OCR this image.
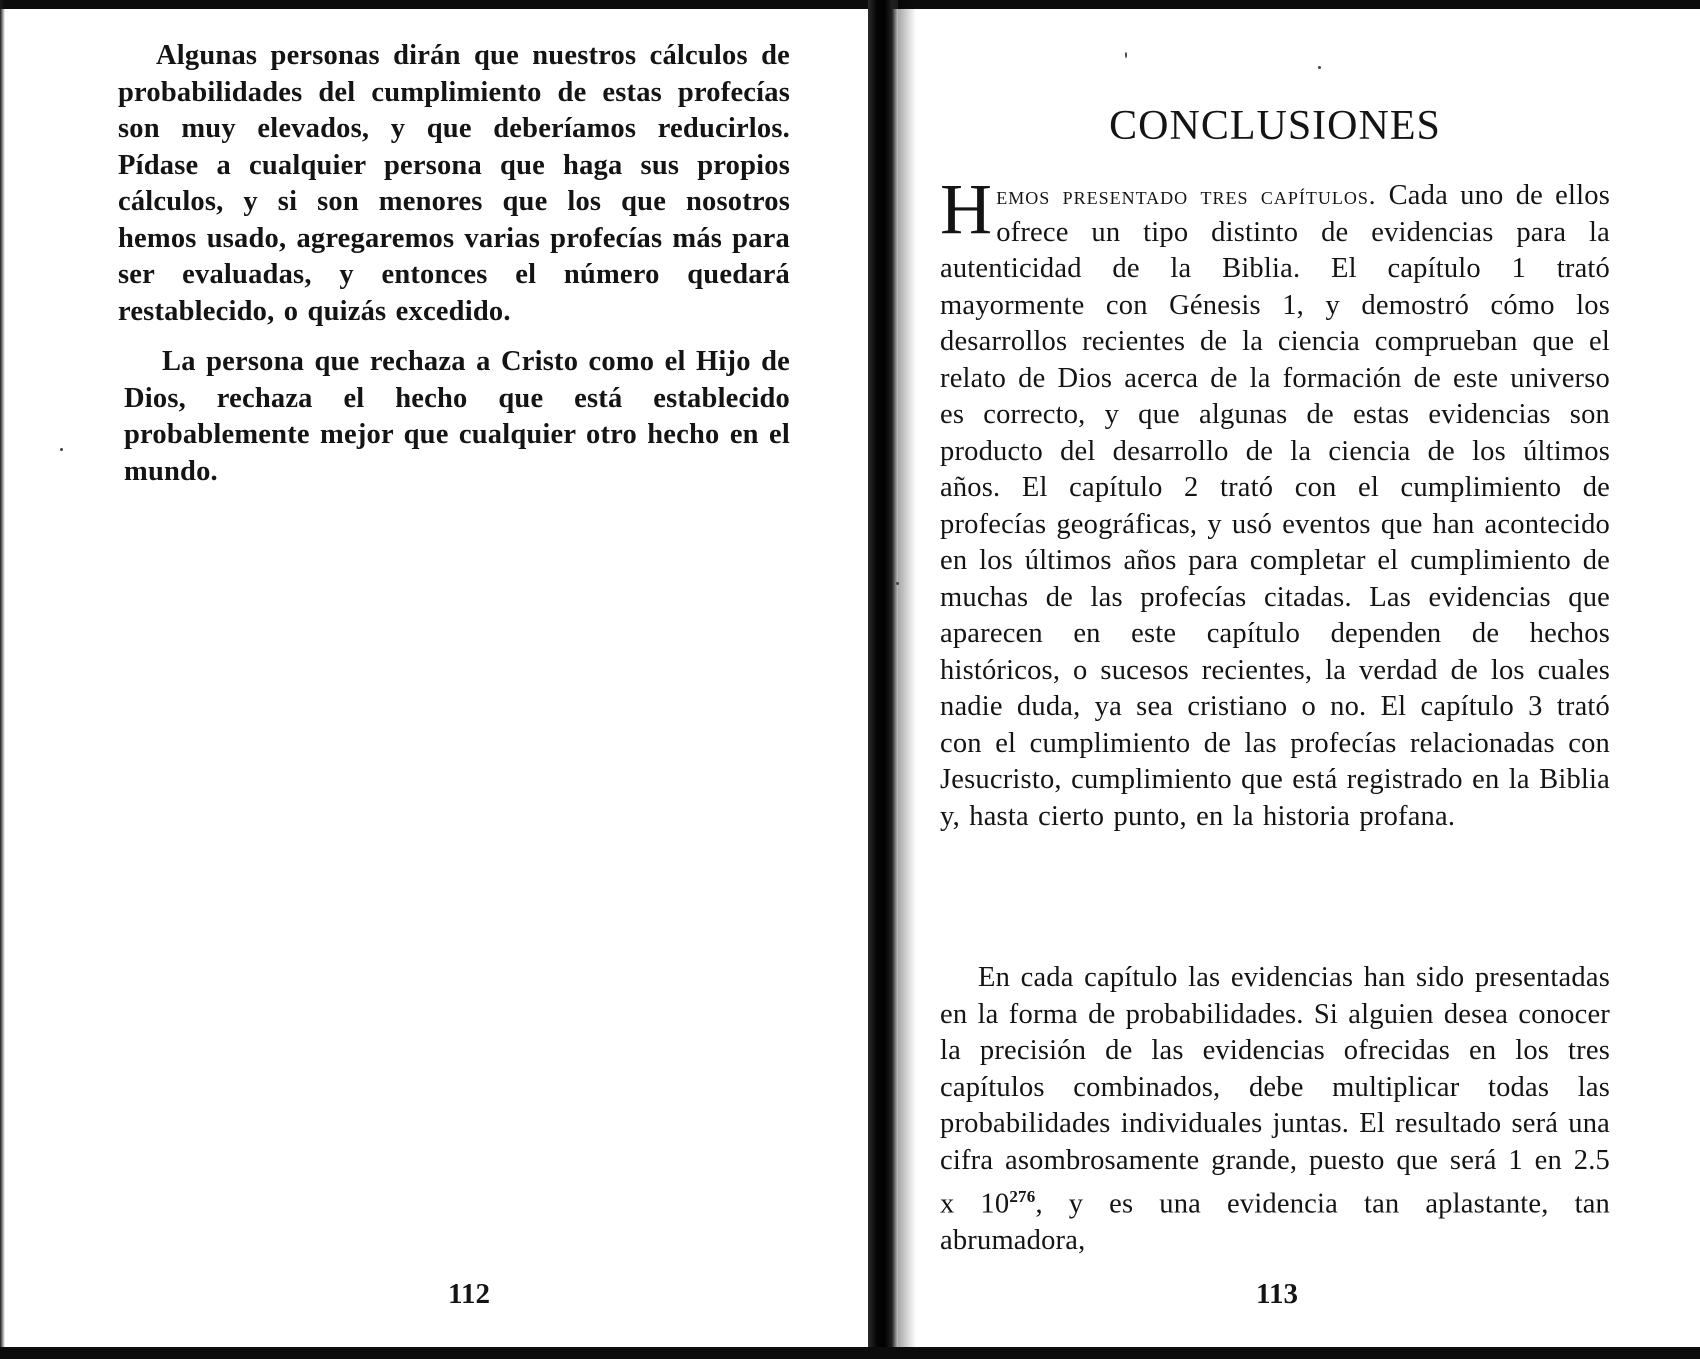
Algunas personas dirán que nuestros cálculos de probabilidades del cumplimiento de estas profecías son muy elevados, y que deberíamos reducirlos. Pídase a cualquier persona que haga sus propios cálculos, y si son menores que los que nosotros hemos usado, agregaremos varias profecías más para ser evaluadas, y entonces el número quedará restablecido, o quizás excedido.

La persona que rechaza a Cristo como el Hijo de Dios, rechaza el hecho que está establecido probablemente mejor que cualquier otro hecho en el mundo.

112

CONCLUSIONES

Hemos presentado tres capítulos. Cada uno de ellos ofrece un tipo distinto de evidencias para la autenticidad de la Biblia. El capítulo 1 trató mayormente con Génesis 1, y demostró cómo los desarrollos recientes de la ciencia comprueban que el relato de Dios acerca de la formación de este universo es correcto, y que algunas de estas evidencias son producto del desarrollo de la ciencia de los últimos años. El capítulo 2 trató con el cumplimiento de profecías geográficas, y usó eventos que han acontecido en los últimos años para completar el cumplimiento de muchas de las profecías citadas. Las evidencias que aparecen en este capítulo dependen de hechos históricos, o sucesos recientes, la verdad de los cuales nadie duda, ya sea cristiano o no. El capítulo 3 trató con el cumplimiento de las profecías relacionadas con Jesucristo, cumplimiento que está registrado en la Biblia y, hasta cierto punto, en la historia profana.

En cada capítulo las evidencias han sido presentadas en la forma de probabilidades. Si alguien desea conocer la precisión de las evidencias ofrecidas en los tres capítulos combinados, debe multiplicar todas las probabilidades individuales juntas. El resultado será una cifra asombrosamente grande, puesto que será 1 en 2.5 x $10^{276}$, y es una evidencia tan aplastante, tan abrumadora,

113
